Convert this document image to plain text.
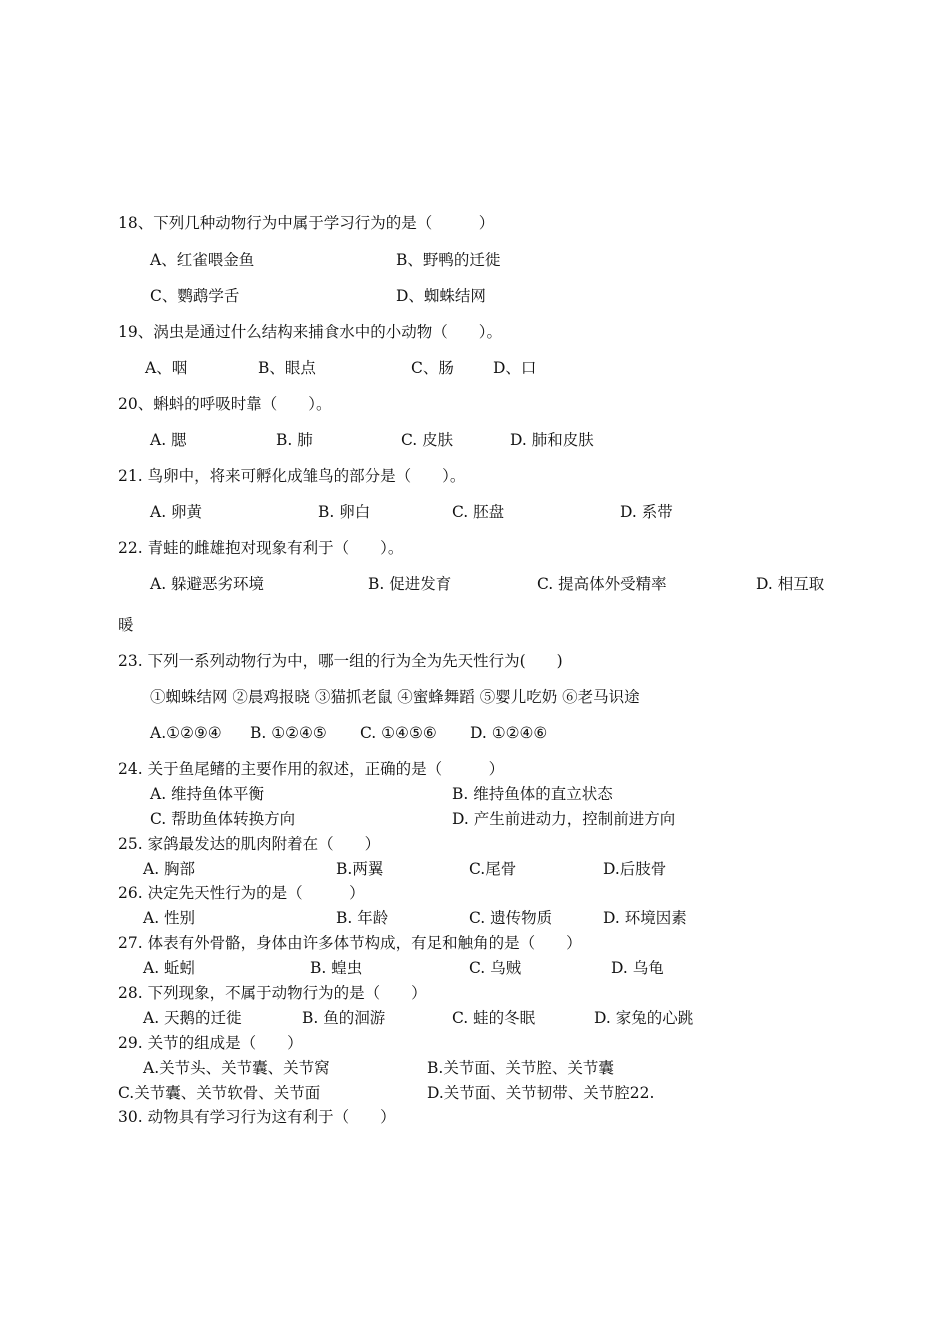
18、下列几种动物行为中属于学习行为的是（　　　）
A、红雀喂金鱼	B、野鸭的迁徙
C、鹦鹉学舌	D、蜘蛛结网
19、涡虫是通过什么结构来捕食水中的小动物（　　）。
A、咽	B、眼点	C、肠	D、口
20、蝌蚪的呼吸时靠（　　）。
A. 腮	B. 肺	C. 皮肤	D. 肺和皮肤
21. 鸟卵中，将来可孵化成雏鸟的部分是（　　）。
A. 卵黄	B. 卵白	C. 胚盘	D. 系带
22. 青蛙的雌雄抱对现象有利于（　　）。
A. 躲避恶劣环境	B. 促进发育	C. 提高体外受精率	D. 相互取
暖
23. 下列一系列动物行为中，哪一组的行为全为先天性行为(　　)
①蜘蛛结网 ②晨鸡报晓 ③猫抓老鼠 ④蜜蜂舞蹈 ⑤婴儿吃奶 ⑥老马识途
A.①②⑨④ B. ①②④⑤ C. ①④⑤⑥ D. ①②④⑥
24. 关于鱼尾鳍的主要作用的叙述，正确的是（　　　）
A. 维持鱼体平衡	B. 维持鱼体的直立状态
C. 帮助鱼体转换方向	D. 产生前进动力，控制前进方向
25. 家鸽最发达的肌肉附着在（　　）
A. 胸部	B.两翼	C.尾骨	D.后肢骨
26. 决定先天性行为的是（　　　）
A. 性别	B. 年龄	C. 遗传物质	D. 环境因素
27. 体表有外骨骼，身体由许多体节构成，有足和触角的是（　　）
A. 蚯蚓	B. 蝗虫	C. 乌贼	D. 乌龟
28. 下列现象，不属于动物行为的是（　　）
A. 天鹅的迁徙	B. 鱼的洄游	C. 蛙的冬眠	D. 家兔的心跳
29. 关节的组成是（　　）
A.关节头、关节囊、关节窝	B.关节面、关节腔、关节囊
C.关节囊、关节软骨、关节面	D.关节面、关节韧带、关节腔22.
30. 动物具有学习行为这有利于（　　）
